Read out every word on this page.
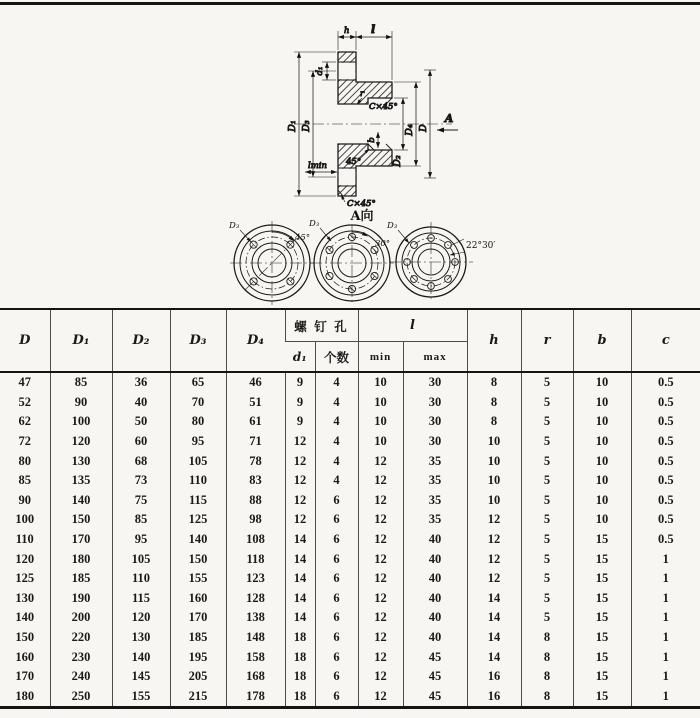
h l
d₁
D₁ D₃
lmin
C×45°
r
C×45°
b
45°	D₂
D₄ D
A
A向
D₃
45°
D₃
30°
D₃
22°30′
D	D₁	D₂	D₃	D₄	螺 钉 孔		l		h	r	b	c
					d₁	个数	min	max				
47	85	36	65	46	9	4	10	30	8	5	10	0.5
52	90	40	70	51	9	4	10	30	8	5	10	0.5
62	100	50	80	61	9	4	10	30	8	5	10	0.5
72	120	60	95	71	12	4	10	30	10	5	10	0.5
80	130	68	105	78	12	4	12	35	10	5	10	0.5
85	135	73	110	83	12	4	12	35	10	5	10	0.5
90	140	75	115	88	12	6	12	35	10	5	10	0.5
100	150	85	125	98	12	6	12	35	12	5	10	0.5
110	170	95	140	108	14	6	12	40	12	5	15	0.5
120	180	105	150	118	14	6	12	40	12	5	15	1
125	185	110	155	123	14	6	12	40	12	5	15	1
130	190	115	160	128	14	6	12	40	14	5	15	1
140	200	120	170	138	14	6	12	40	14	5	15	1
150	220	130	185	148	18	6	12	40	14	8	15	1
160	230	140	195	158	18	6	12	45	14	8	15	1
170	240	145	205	168	18	6	12	45	16	8	15	1
180	250	155	215	178	18	6	12	45	16	8	15	1
